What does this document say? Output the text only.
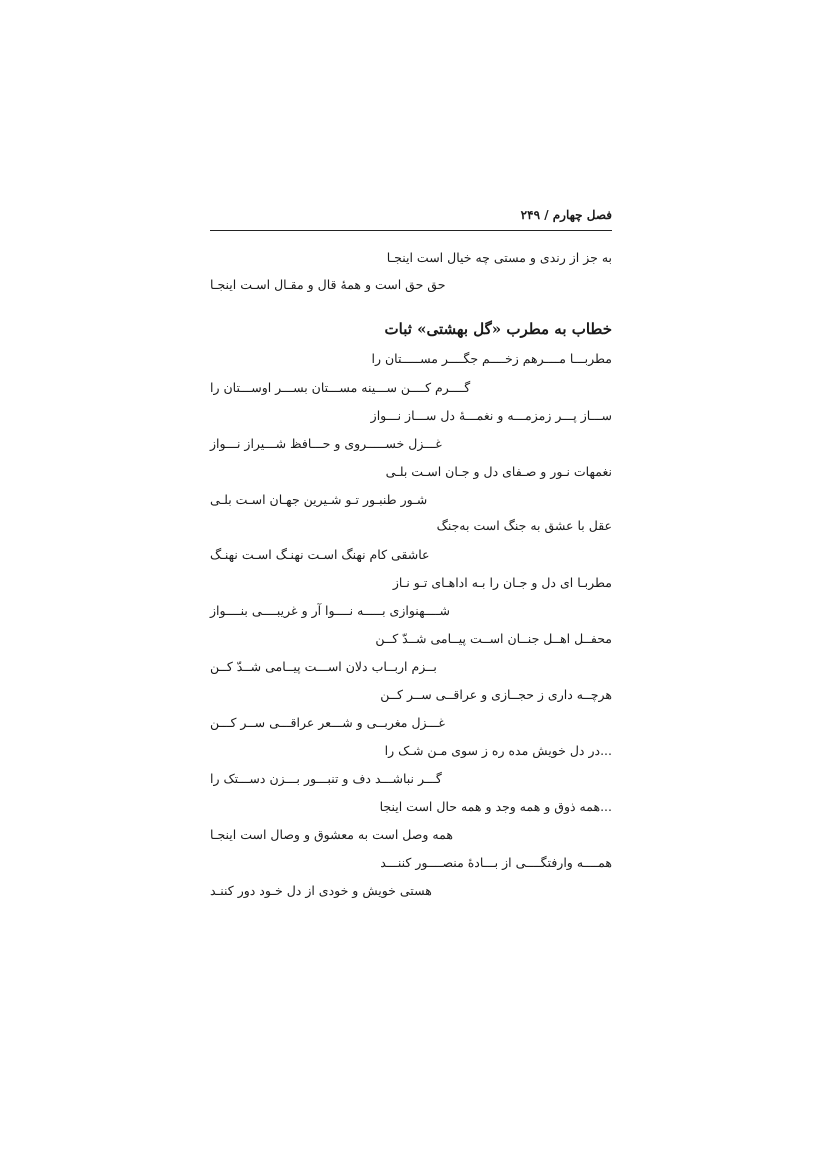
فصل چهارم / ۲۴۹
به جز از رندی و مستی چه خیال است اینجـا
حق حق است و همهٔ قال و مقـال اسـت اینجـا
خطاب به مطرب «گل بهشتی» ثبات
مطربـــا مــــرهم زخــــم جگــــر مســـــتان را
گــــرم کــــن ســـینه مســـتان بســـر اوســـتان را
ســـاز پـــر زمزمـــه و نغمـــهٔ دل ســـاز نـــواز
غـــزل خســـــروی و حـــافظ شـــیراز نـــواز
نغمهات نـور و صـفای دل و جـان اسـت بلـی
شـور طنبـور تـو شـیرین جهـان اسـت بلـی
عقل با عشق به جنگ است به‌جنگ
عاشقی کام نهنگ اسـت نهنـگ اسـت نهنـگ
مطربـا ای دل و جـان را بـه اداهـای تـو نـاز
شــــهنوازی بـــــه نــــوا آر و غریبــــی بنــــواز
محفــل اهــل جنــان اســت پیــامی شــدّ کــن
بــزم اربــاب دلان اســـت پیــامی شــدّ کــن
هرچــه داری ز حجــازی و عراقــی ســر کــن
غـــزل مغربــی و شـــعر عراقـــی ســر کـــن
...در دل خویش مده ره ز سوی مـن شـک را
گـــر نباشـــد دف و تنبـــور بـــزن دســـتک را
...همه ذوق و همه وجد و همه حال است اینجا
همه وصل است به معشوق و وصال است اینجـا
همــــه وارفتگــــی از بـــادهٔ منصــــور کننـــد
هستی خویش و خودی از دل خـود دور کننـد
